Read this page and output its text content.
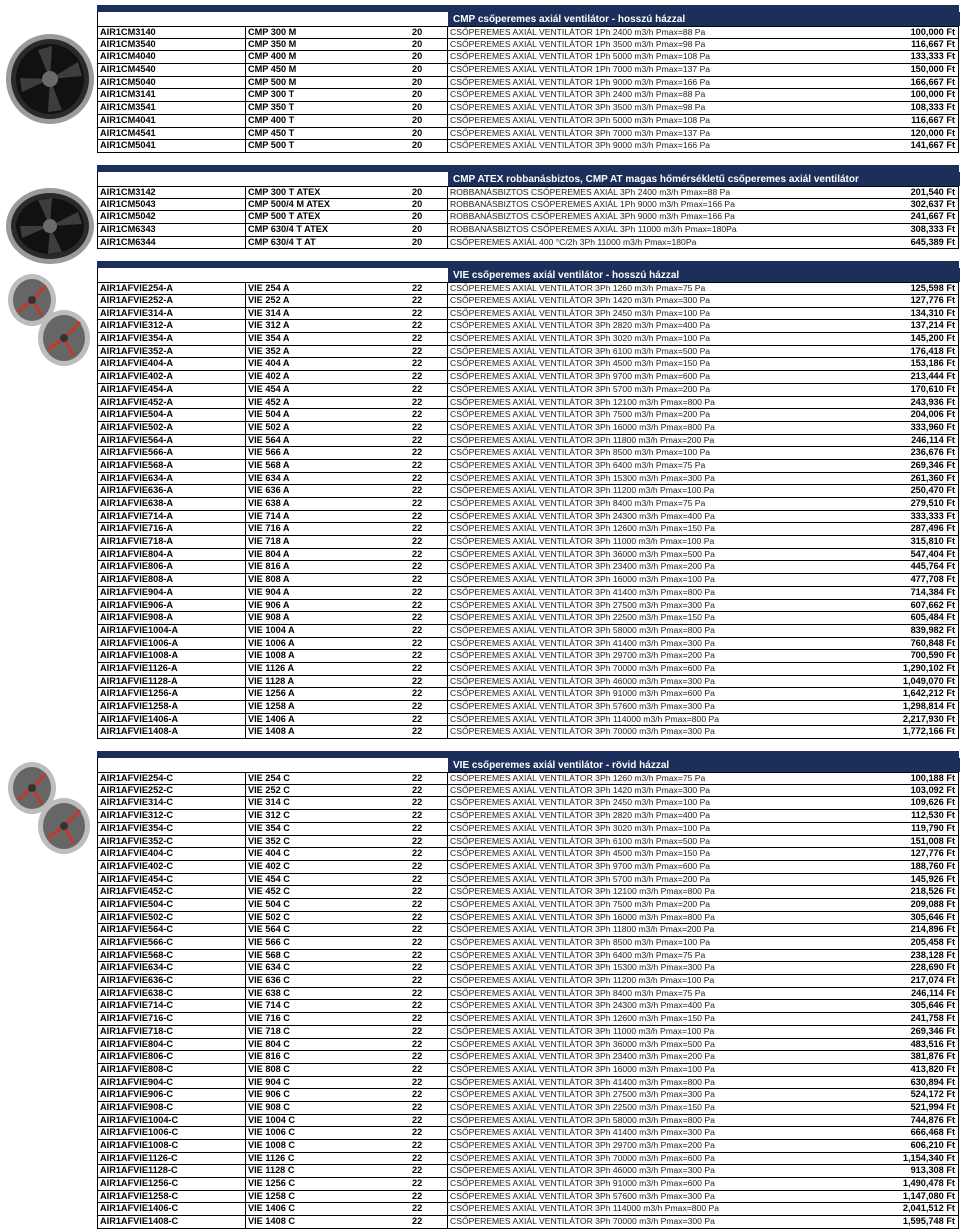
CMP csőperemes axiál ventilátor - hosszú házzal
AIR1CM3140	CMP 300 M	20	CSŐPEREMES AXIÁL VENTILÁTOR 1Ph 2400 m3/h Pmax=88 Pa	100,000 Ft
AIR1CM3540	CMP 350 M	20	CSŐPEREMES AXIÁL VENTILÁTOR 1Ph 3500 m3/h Pmax=98 Pa	116,667 Ft
AIR1CM4040	CMP 400 M	20	CSŐPEREMES AXIÁL VENTILÁTOR 1Ph 5000 m3/h Pmax=108 Pa	133,333 Ft
AIR1CM4540	CMP 450 M	20	CSŐPEREMES AXIÁL VENTILÁTOR 1Ph 7000 m3/h Pmax=137 Pa	150,000 Ft
AIR1CM5040	CMP 500 M	20	CSŐPEREMES AXIÁL VENTILÁTOR 1Ph 9000 m3/h Pmax=166 Pa	166,667 Ft
AIR1CM3141	CMP 300 T	20	CSŐPEREMES AXIÁL VENTILÁTOR 3Ph 2400 m3/h Pmax=88 Pa	100,000 Ft
AIR1CM3541	CMP 350 T	20	CSŐPEREMES AXIÁL VENTILÁTOR 3Ph 3500 m3/h Pmax=98 Pa	108,333 Ft
AIR1CM4041	CMP 400 T	20	CSŐPEREMES AXIÁL VENTILÁTOR 3Ph 5000 m3/h Pmax=108 Pa	116,667 Ft
AIR1CM4541	CMP 450 T	20	CSŐPEREMES AXIÁL VENTILÁTOR 3Ph 7000 m3/h Pmax=137 Pa	120,000 Ft
AIR1CM5041	CMP 500 T	20	CSŐPEREMES AXIÁL VENTILÁTOR 3Ph 9000 m3/h Pmax=166 Pa	141,667 Ft
CMP ATEX robbanásbiztos, CMP AT magas hőmérsékletű csőperemes axiál ventilátor
AIR1CM3142	CMP 300 T ATEX	20	ROBBANÁSBIZTOS CSŐPEREMES AXIÁL 3Ph 2400 m3/h Pmax=88 Pa	201,540 Ft
AIR1CM5043	CMP 500/4 M ATEX	20	ROBBANÁSBIZTOS CSŐPEREMES AXIÁL 1Ph 9000 m3/h Pmax=166 Pa	302,637 Ft
AIR1CM5042	CMP 500 T ATEX	20	ROBBANÁSBIZTOS CSŐPEREMES AXIÁL 3Ph 9000 m3/h Pmax=166 Pa	241,667 Ft
AIR1CM6343	CMP 630/4 T ATEX	20	ROBBANÁSBIZTOS CSŐPEREMES AXIÁL 3Ph 11000 m3/h Pmax=180Pa	308,333 Ft
AIR1CM6344	CMP 630/4 T AT	20	CSŐPEREMES AXIÁL 400 °C/2h 3Ph 11000 m3/h Pmax=180Pa	645,389 Ft
VIE csőperemes axiál ventilátor - hosszú házzal
AIR1AFVIE254-A	VIE 254 A	22	CSŐPEREMES AXIÁL VENTILÁTOR 3Ph 1260 m3/h Pmax=75 Pa	125,598 Ft
AIR1AFVIE252-A	VIE 252 A	22	CSŐPEREMES AXIÁL VENTILÁTOR 3Ph 1420 m3/h Pmax=300 Pa	127,776 Ft
AIR1AFVIE314-A	VIE 314 A	22	CSŐPEREMES AXIÁL VENTILÁTOR 3Ph 2450 m3/h Pmax=100 Pa	134,310 Ft
AIR1AFVIE312-A	VIE 312 A	22	CSŐPEREMES AXIÁL VENTILÁTOR 3Ph 2820 m3/h Pmax=400 Pa	137,214 Ft
AIR1AFVIE354-A	VIE 354 A	22	CSŐPEREMES AXIÁL VENTILÁTOR 3Ph 3020 m3/h Pmax=100 Pa	145,200 Ft
AIR1AFVIE352-A	VIE 352 A	22	CSŐPEREMES AXIÁL VENTILÁTOR 3Ph 6100 m3/h Pmax=500 Pa	176,418 Ft
AIR1AFVIE404-A	VIE 404 A	22	CSŐPEREMES AXIÁL VENTILÁTOR 3Ph 4500 m3/h Pmax=150 Pa	153,186 Ft
AIR1AFVIE402-A	VIE 402 A	22	CSŐPEREMES AXIÁL VENTILÁTOR 3Ph 9700 m3/h Pmax=600 Pa	213,444 Ft
AIR1AFVIE454-A	VIE 454 A	22	CSŐPEREMES AXIÁL VENTILÁTOR 3Ph 5700 m3/h Pmax=200 Pa	170,610 Ft
AIR1AFVIE452-A	VIE 452 A	22	CSŐPEREMES AXIÁL VENTILÁTOR 3Ph 12100 m3/h Pmax=800 Pa	243,936 Ft
AIR1AFVIE504-A	VIE 504 A	22	CSŐPEREMES AXIÁL VENTILÁTOR 3Ph 7500 m3/h Pmax=200 Pa	204,006 Ft
AIR1AFVIE502-A	VIE 502 A	22	CSŐPEREMES AXIÁL VENTILÁTOR 3Ph 16000 m3/h Pmax=800 Pa	333,960 Ft
AIR1AFVIE564-A	VIE 564 A	22	CSŐPEREMES AXIÁL VENTILÁTOR 3Ph 11800 m3/h Pmax=200 Pa	246,114 Ft
AIR1AFVIE566-A	VIE 566 A	22	CSŐPEREMES AXIÁL VENTILÁTOR 3Ph 8500 m3/h Pmax=100 Pa	236,676 Ft
AIR1AFVIE568-A	VIE 568 A	22	CSŐPEREMES AXIÁL VENTILÁTOR 3Ph 6400 m3/h Pmax=75 Pa	269,346 Ft
AIR1AFVIE634-A	VIE 634 A	22	CSŐPEREMES AXIÁL VENTILÁTOR 3Ph 15300 m3/h Pmax=300 Pa	261,360 Ft
AIR1AFVIE636-A	VIE 636 A	22	CSŐPEREMES AXIÁL VENTILÁTOR 3Ph 11200 m3/h Pmax=100 Pa	250,470 Ft
AIR1AFVIE638-A	VIE 638 A	22	CSŐPEREMES AXIÁL VENTILÁTOR 3Ph 8400 m3/h Pmax=75 Pa	279,510 Ft
AIR1AFVIE714-A	VIE 714 A	22	CSŐPEREMES AXIÁL VENTILÁTOR 3Ph 24300 m3/h Pmax=400 Pa	333,333 Ft
AIR1AFVIE716-A	VIE 716 A	22	CSŐPEREMES AXIÁL VENTILÁTOR 3Ph 12600 m3/h Pmax=150 Pa	287,496 Ft
AIR1AFVIE718-A	VIE 718 A	22	CSŐPEREMES AXIÁL VENTILÁTOR 3Ph 11000 m3/h Pmax=100 Pa	315,810 Ft
AIR1AFVIE804-A	VIE 804 A	22	CSŐPEREMES AXIÁL VENTILÁTOR 3Ph 36000 m3/h Pmax=500 Pa	547,404 Ft
AIR1AFVIE806-A	VIE 816 A	22	CSŐPEREMES AXIÁL VENTILÁTOR 3Ph 23400 m3/h Pmax=200 Pa	445,764 Ft
AIR1AFVIE808-A	VIE 808 A	22	CSŐPEREMES AXIÁL VENTILÁTOR 3Ph 16000 m3/h Pmax=100 Pa	477,708 Ft
AIR1AFVIE904-A	VIE 904 A	22	CSŐPEREMES AXIÁL VENTILÁTOR 3Ph 41400 m3/h Pmax=800 Pa	714,384 Ft
AIR1AFVIE906-A	VIE 906 A	22	CSŐPEREMES AXIÁL VENTILÁTOR 3Ph 27500 m3/h Pmax=300 Pa	607,662 Ft
AIR1AFVIE908-A	VIE 908 A	22	CSŐPEREMES AXIÁL VENTILÁTOR 3Ph 22500 m3/h Pmax=150 Pa	605,484 Ft
AIR1AFVIE1004-A	VIE 1004 A	22	CSŐPEREMES AXIÁL VENTILÁTOR 3Ph 58000 m3/h Pmax=800 Pa	839,982 Ft
AIR1AFVIE1006-A	VIE 1006 A	22	CSŐPEREMES AXIÁL VENTILÁTOR 3Ph 41400 m3/h Pmax=300 Pa	760,848 Ft
AIR1AFVIE1008-A	VIE 1008 A	22	CSŐPEREMES AXIÁL VENTILÁTOR 3Ph 29700 m3/h Pmax=200 Pa	700,590 Ft
AIR1AFVIE1126-A	VIE 1126 A	22	CSŐPEREMES AXIÁL VENTILÁTOR 3Ph 70000 m3/h Pmax=600 Pa	1,290,102 Ft
AIR1AFVIE1128-A	VIE 1128 A	22	CSŐPEREMES AXIÁL VENTILÁTOR 3Ph 46000 m3/h Pmax=300 Pa	1,049,070 Ft
AIR1AFVIE1256-A	VIE 1256 A	22	CSŐPEREMES AXIÁL VENTILÁTOR 3Ph 91000 m3/h Pmax=600 Pa	1,642,212 Ft
AIR1AFVIE1258-A	VIE 1258 A	22	CSŐPEREMES AXIÁL VENTILÁTOR 3Ph 57600 m3/h Pmax=300 Pa	1,298,814 Ft
AIR1AFVIE1406-A	VIE 1406 A	22	CSŐPEREMES AXIÁL VENTILÁTOR 3Ph 114000 m3/h Pmax=800 Pa	2,217,930 Ft
AIR1AFVIE1408-A	VIE 1408 A	22	CSŐPEREMES AXIÁL VENTILÁTOR 3Ph 70000 m3/h Pmax=300 Pa	1,772,166 Ft
VIE csőperemes axiál ventilátor - rövid házzal
AIR1AFVIE254-C	VIE 254 C	22	CSŐPEREMES AXIÁL VENTILÁTOR 3Ph 1260 m3/h Pmax=75 Pa	100,188 Ft
AIR1AFVIE252-C	VIE 252 C	22	CSŐPEREMES AXIÁL VENTILÁTOR 3Ph 1420 m3/h Pmax=300 Pa	103,092 Ft
AIR1AFVIE314-C	VIE 314 C	22	CSŐPEREMES AXIÁL VENTILÁTOR 3Ph 2450 m3/h Pmax=100 Pa	109,626 Ft
AIR1AFVIE312-C	VIE 312 C	22	CSŐPEREMES AXIÁL VENTILÁTOR 3Ph 2820 m3/h Pmax=400 Pa	112,530 Ft
AIR1AFVIE354-C	VIE 354 C	22	CSŐPEREMES AXIÁL VENTILÁTOR 3Ph 3020 m3/h Pmax=100 Pa	119,790 Ft
AIR1AFVIE352-C	VIE 352 C	22	CSŐPEREMES AXIÁL VENTILÁTOR 3Ph 6100 m3/h Pmax=500 Pa	151,008 Ft
AIR1AFVIE404-C	VIE 404 C	22	CSŐPEREMES AXIÁL VENTILÁTOR 3Ph 4500 m3/h Pmax=150 Pa	127,776 Ft
AIR1AFVIE402-C	VIE 402 C	22	CSŐPEREMES AXIÁL VENTILÁTOR 3Ph 9700 m3/h Pmax=600 Pa	188,760 Ft
AIR1AFVIE454-C	VIE 454 C	22	CSŐPEREMES AXIÁL VENTILÁTOR 3Ph 5700 m3/h Pmax=200 Pa	145,926 Ft
AIR1AFVIE452-C	VIE 452 C	22	CSŐPEREMES AXIÁL VENTILÁTOR 3Ph 12100 m3/h Pmax=800 Pa	218,526 Ft
AIR1AFVIE504-C	VIE 504 C	22	CSŐPEREMES AXIÁL VENTILÁTOR 3Ph 7500 m3/h Pmax=200 Pa	209,088 Ft
AIR1AFVIE502-C	VIE 502 C	22	CSŐPEREMES AXIÁL VENTILÁTOR 3Ph 16000 m3/h Pmax=800 Pa	305,646 Ft
AIR1AFVIE564-C	VIE 564 C	22	CSŐPEREMES AXIÁL VENTILÁTOR 3Ph 11800 m3/h Pmax=200 Pa	214,896 Ft
AIR1AFVIE566-C	VIE 566 C	22	CSŐPEREMES AXIÁL VENTILÁTOR 3Ph 8500 m3/h Pmax=100 Pa	205,458 Ft
AIR1AFVIE568-C	VIE 568 C	22	CSŐPEREMES AXIÁL VENTILÁTOR 3Ph 6400 m3/h Pmax=75 Pa	238,128 Ft
AIR1AFVIE634-C	VIE 634 C	22	CSŐPEREMES AXIÁL VENTILÁTOR 3Ph 15300 m3/h Pmax=300 Pa	228,690 Ft
AIR1AFVIE636-C	VIE 636 C	22	CSŐPEREMES AXIÁL VENTILÁTOR 3Ph 11200 m3/h Pmax=100 Pa	217,074 Ft
AIR1AFVIE638-C	VIE 638 C	22	CSŐPEREMES AXIÁL VENTILÁTOR 3Ph 8400 m3/h Pmax=75 Pa	246,114 Ft
AIR1AFVIE714-C	VIE 714 C	22	CSŐPEREMES AXIÁL VENTILÁTOR 3Ph 24300 m3/h Pmax=400 Pa	305,646 Ft
AIR1AFVIE716-C	VIE 716 C	22	CSŐPEREMES AXIÁL VENTILÁTOR 3Ph 12600 m3/h Pmax=150 Pa	241,758 Ft
AIR1AFVIE718-C	VIE 718 C	22	CSŐPEREMES AXIÁL VENTILÁTOR 3Ph 11000 m3/h Pmax=100 Pa	269,346 Ft
AIR1AFVIE804-C	VIE 804 C	22	CSŐPEREMES AXIÁL VENTILÁTOR 3Ph 36000 m3/h Pmax=500 Pa	483,516 Ft
AIR1AFVIE806-C	VIE 816 C	22	CSŐPEREMES AXIÁL VENTILÁTOR 3Ph 23400 m3/h Pmax=200 Pa	381,876 Ft
AIR1AFVIE808-C	VIE 808 C	22	CSŐPEREMES AXIÁL VENTILÁTOR 3Ph 16000 m3/h Pmax=100 Pa	413,820 Ft
AIR1AFVIE904-C	VIE 904 C	22	CSŐPEREMES AXIÁL VENTILÁTOR 3Ph 41400 m3/h Pmax=800 Pa	630,894 Ft
AIR1AFVIE906-C	VIE 906 C	22	CSŐPEREMES AXIÁL VENTILÁTOR 3Ph 27500 m3/h Pmax=300 Pa	524,172 Ft
AIR1AFVIE908-C	VIE 908 C	22	CSŐPEREMES AXIÁL VENTILÁTOR 3Ph 22500 m3/h Pmax=150 Pa	521,994 Ft
AIR1AFVIE1004-C	VIE 1004 C	22	CSŐPEREMES AXIÁL VENTILÁTOR 3Ph 58000 m3/h Pmax=800 Pa	744,876 Ft
AIR1AFVIE1006-C	VIE 1006 C	22	CSŐPEREMES AXIÁL VENTILÁTOR 3Ph 41400 m3/h Pmax=300 Pa	666,468 Ft
AIR1AFVIE1008-C	VIE 1008 C	22	CSŐPEREMES AXIÁL VENTILÁTOR 3Ph 29700 m3/h Pmax=200 Pa	606,210 Ft
AIR1AFVIE1126-C	VIE 1126 C	22	CSŐPEREMES AXIÁL VENTILÁTOR 3Ph 70000 m3/h Pmax=600 Pa	1,154,340 Ft
AIR1AFVIE1128-C	VIE 1128 C	22	CSŐPEREMES AXIÁL VENTILÁTOR 3Ph 46000 m3/h Pmax=300 Pa	913,308 Ft
AIR1AFVIE1256-C	VIE 1256 C	22	CSŐPEREMES AXIÁL VENTILÁTOR 3Ph 91000 m3/h Pmax=600 Pa	1,490,478 Ft
AIR1AFVIE1258-C	VIE 1258 C	22	CSŐPEREMES AXIÁL VENTILÁTOR 3Ph 57600 m3/h Pmax=300 Pa	1,147,080 Ft
AIR1AFVIE1406-C	VIE 1406 C	22	CSŐPEREMES AXIÁL VENTILÁTOR 3Ph 114000 m3/h Pmax=800 Pa	2,041,512 Ft
AIR1AFVIE1408-C	VIE 1408 C	22	CSŐPEREMES AXIÁL VENTILÁTOR 3Ph 70000 m3/h Pmax=300 Pa	1,595,748 Ft
